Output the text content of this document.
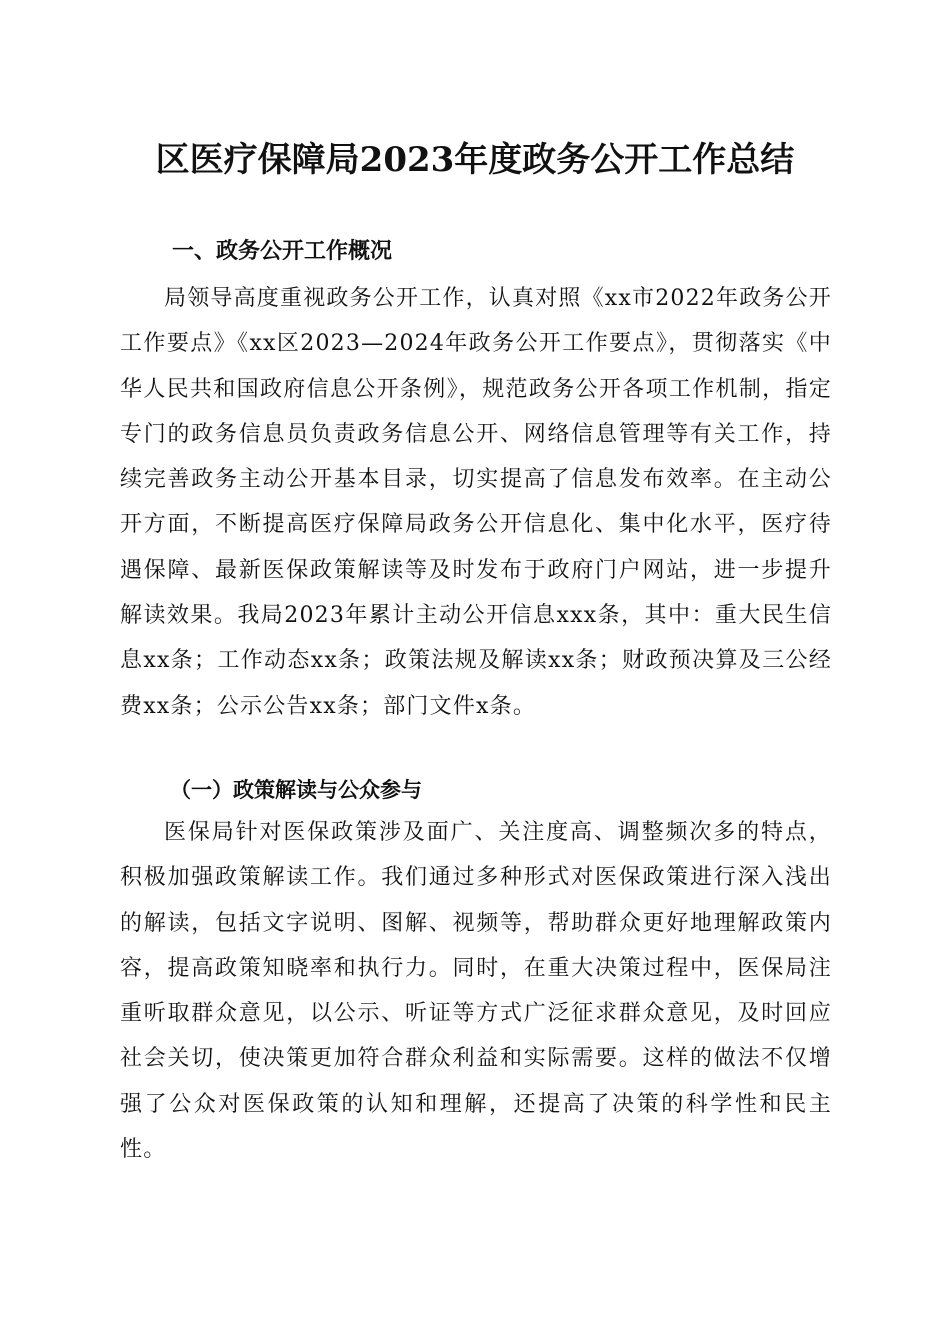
区医疗保障局2023年度政务公开工作总结
一、政务公开工作概况

局领导高度重视政务公开工作，认真对照《xx市2022年政务公开工作要点》《xx区2023—2024年政务公开工作要点》，贯彻落实《中华人民共和国政府信息公开条例》，规范政务公开各项工作机制，指定专门的政务信息员负责政务信息公开、网络信息管理等有关工作，持续完善政务主动公开基本目录，切实提高了信息发布效率。在主动公开方面，不断提高医疗保障局政务公开信息化、集中化水平，医疗待遇保障、最新医保政策解读等及时发布于政府门户网站，进一步提升解读效果。我局2023年累计主动公开信息xxx条，其中：重大民生信息xx条；工作动态xx条；政策法规及解读xx条；财政预决算及三公经费xx条；公示公告xx条；部门文件x条。

（一）政策解读与公众参与

医保局针对医保政策涉及面广、关注度高、调整频次多的特点，积极加强政策解读工作。我们通过多种形式对医保政策进行深入浅出的解读，包括文字说明、图解、视频等，帮助群众更好地理解政策内容，提高政策知晓率和执行力。同时，在重大决策过程中，医保局注重听取群众意见，以公示、听证等方式广泛征求群众意见，及时回应社会关切，使决策更加符合群众利益和实际需要。这样的做法不仅增强了公众对医保政策的认知和理解，还提高了决策的科学性和民主性。
